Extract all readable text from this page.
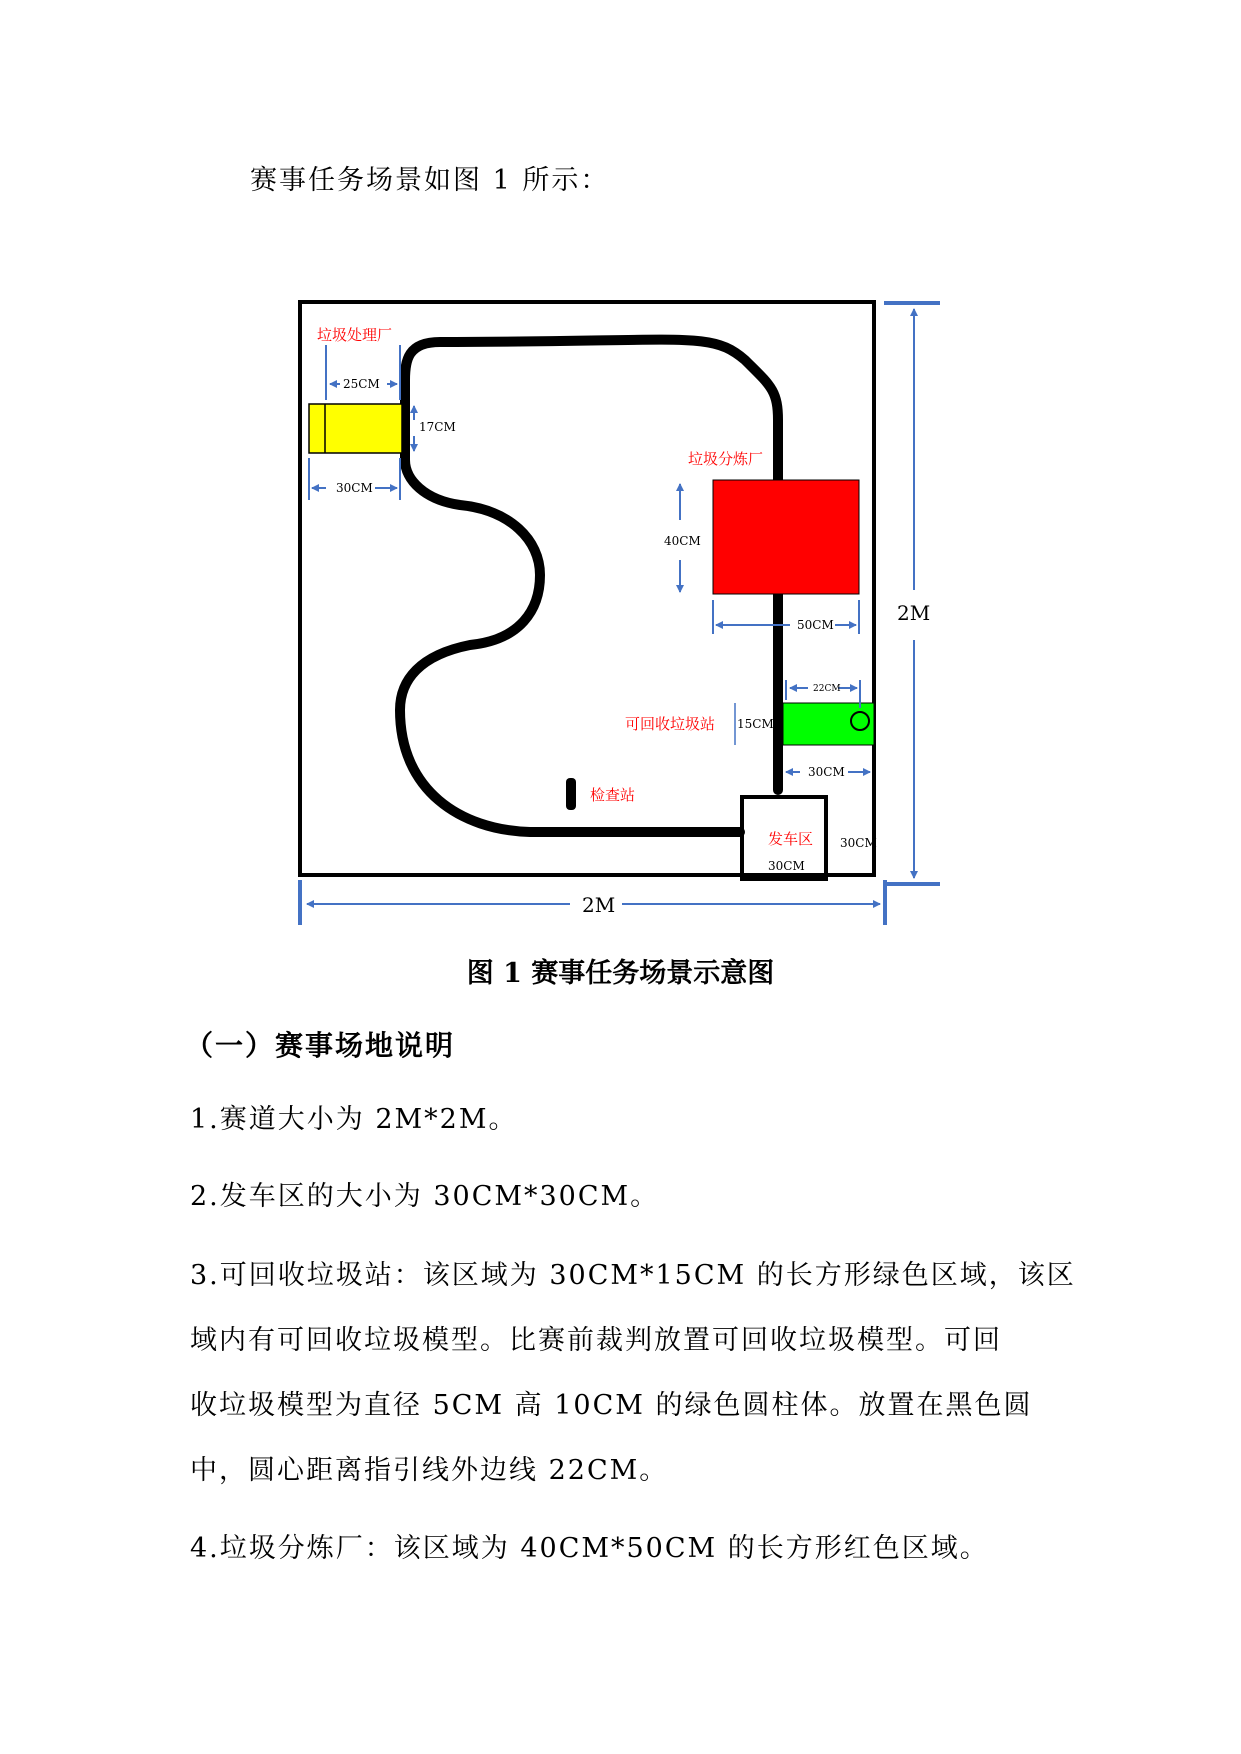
赛事任务场景如图 1 所示：
垃圾处理厂
25CM
17CM
30CM
垃圾分炼厂
40CM
50CM
可回收垃圾站
22CM
15CM
30CM
检查站
发车区 30CM
30CM
2M
2M
图 1 赛事任务场景示意图
（一）赛事场地说明
1.赛道大小为 2M*2M。
2.发车区的大小为 30CM*30CM。
3.可回收垃圾站：该区域为 30CM*15CM 的长方形绿色区域，该区
域内有可回收垃圾模型。比赛前裁判放置可回收垃圾模型。可回
收垃圾模型为直径 5CM 高 10CM 的绿色圆柱体。放置在黑色圆
中，圆心距离指引线外边线 22CM。
4.垃圾分炼厂：该区域为 40CM*50CM 的长方形红色区域。
